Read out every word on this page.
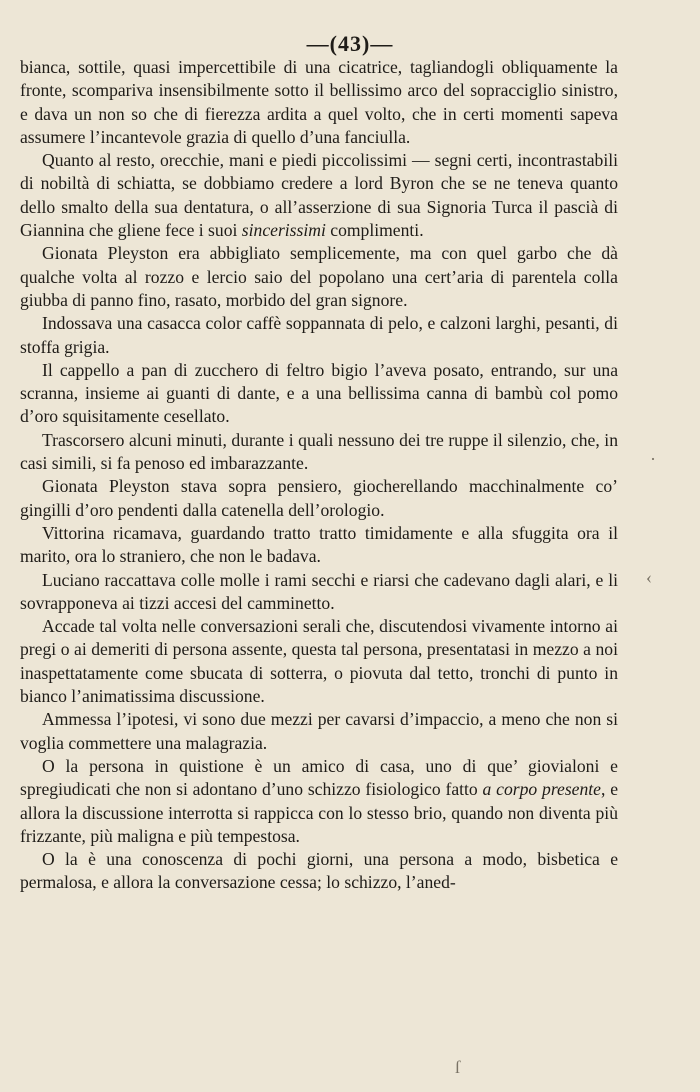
—(43)—

bianca, sottile, quasi impercettibile di una cicatrice, tagliandogli obliquamente la fronte, scompariva insensibilmente sotto il bellissimo arco del sopracciglio sinistro, e dava un non so che di fierezza ardita a quel volto, che in certi momenti sapeva assumere l’incantevole grazia di quello d’una fanciulla.

Quanto al resto, orecchie, mani e piedi piccolissimi — segni certi, incontrastabili di nobiltà di schiatta, se dobbiamo credere a lord Byron che se ne teneva quanto dello smalto della sua dentatura, o all’asserzione di sua Signoria Turca il pascià di Giannina che gliene fece i suoi sincerissimi complimenti.

Gionata Pleyston era abbigliato semplicemente, ma con quel garbo che dà qualche volta al rozzo e lercio saio del popolano una cert’aria di parentela colla giubba di panno fino, rasato, morbido del gran signore.

Indossava una casacca color caffè soppannata di pelo, e calzoni larghi, pesanti, di stoffa grigia.

Il cappello a pan di zucchero di feltro bigio l’aveva posato, entrando, sur una scranna, insieme ai guanti di dante, e a una bellissima canna di bambù col pomo d’oro squisitamente cesellato.

Trascorsero alcuni minuti, durante i quali nessuno dei tre ruppe il silenzio, che, in casi simili, si fa penoso ed imbarazzante.

Gionata Pleyston stava sopra pensiero, giocherellando macchinalmente co’ gingilli d’oro pendenti dalla catenella dell’orologio.

Vittorina ricamava, guardando tratto tratto timidamente e alla sfuggita ora il marito, ora lo straniero, che non le badava.

Luciano raccattava colle molle i rami secchi e riarsi che cadevano dagli alari, e li sovrapponeva ai tizzi accesi del camminetto.

Accade tal volta nelle conversazioni serali che, discutendosi vivamente intorno ai pregi o ai demeriti di persona assente, questa tal persona, presentatasi in mezzo a noi inaspettatamente come sbucata di sotterra, o piovuta dal tetto, tronchi di punto in bianco l’animatissima discussione.

Ammessa l’ipotesi, vi sono due mezzi per cavarsi d’impaccio, a meno che non si voglia commettere una malagrazia.

O la persona in quistione è un amico di casa, uno di que’ giovialoni e spregiudicati che non si adontano d’uno schizzo fisiologico fatto a corpo presente, e allora la discussione interrotta si rappicca con lo stesso brio, quando non diventa più frizzante, più maligna e più tempestosa.

O la è una conoscenza di pochi giorni, una persona a modo, bisbetica e permalosa, e allora la conversazione cessa; lo schizzo, l’aned-

·
‹
ſ
